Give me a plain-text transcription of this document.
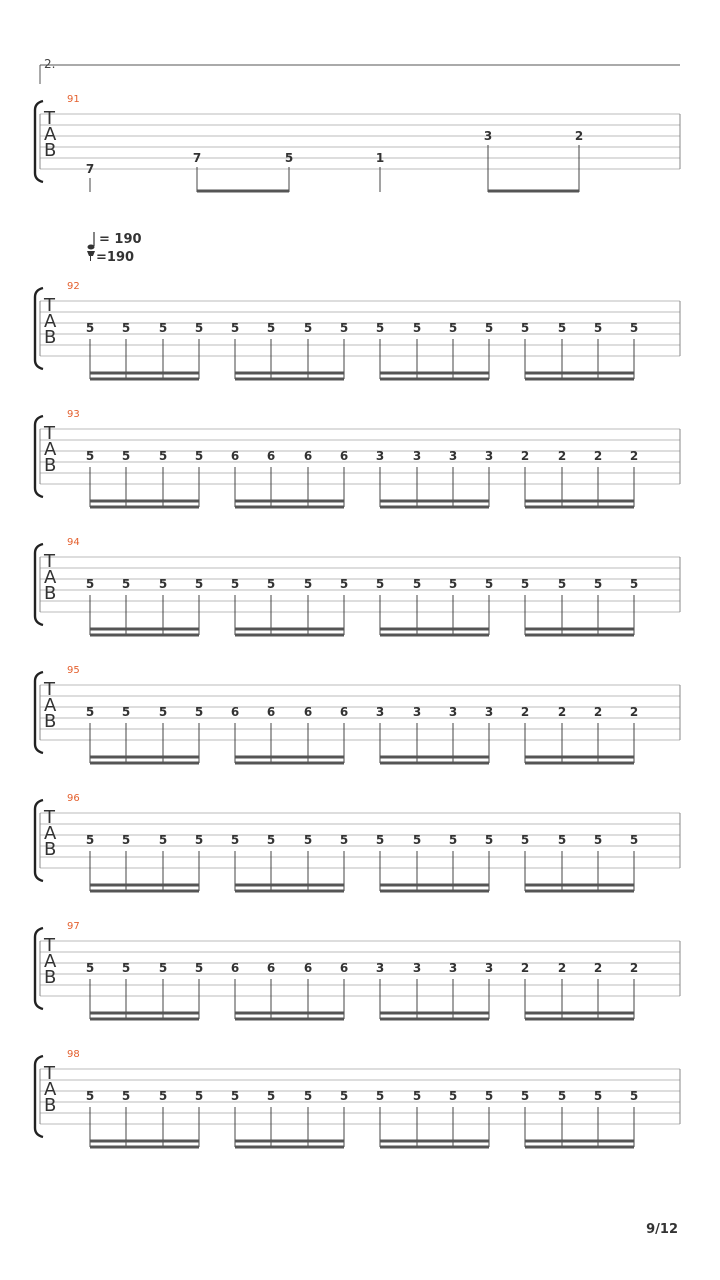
2.
= 190
=190
T
A
B
91
7
7	5	1
3	2
T
A
B
92
5 5 5 5 5 5 5 5 5 5 5 5 5 5 5 5
T
A
B
93
5 5 5 5 6 6 6 6 3 3 3 3 2 2 2 2
T
A
B
94
5 5 5 5 5 5 5 5 5 5 5 5 5 5 5 5
T
A
B
95
5 5 5 5 6 6 6 6 3 3 3 3 2 2 2 2
T
A
B
96
5 5 5 5 5 5 5 5 5 5 5 5 5 5 5 5
T
A
B
97
5 5 5 5 6 6 6 6 3 3 3 3 2 2 2 2
T
A
B
98
5 5 5 5 5 5 5 5 5 5 5 5 5 5 5 5
9/12
